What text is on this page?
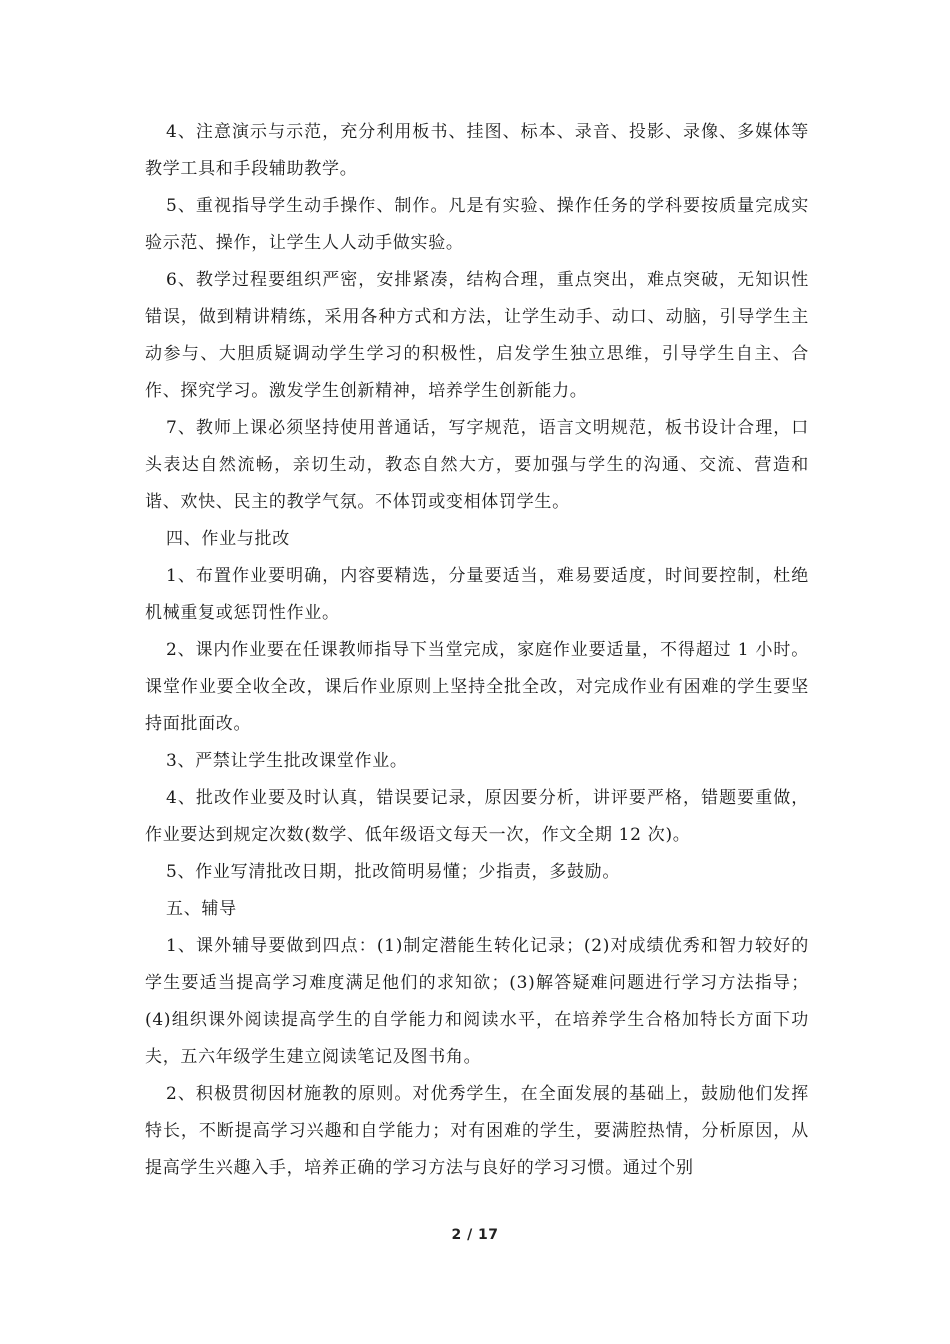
4、注意演示与示范，充分利用板书、挂图、标本、录音、投影、录像、多媒体等教学工具和手段辅助教学。

5、重视指导学生动手操作、制作。凡是有实验、操作任务的学科要按质量完成实验示范、操作，让学生人人动手做实验。

6、教学过程要组织严密，安排紧凑，结构合理，重点突出，难点突破，无知识性错误，做到精讲精练，采用各种方式和方法，让学生动手、动口、动脑，引导学生主动参与、大胆质疑调动学生学习的积极性，启发学生独立思维，引导学生自主、合作、探究学习。激发学生创新精神，培养学生创新能力。

7、教师上课必须坚持使用普通话，写字规范，语言文明规范，板书设计合理，口头表达自然流畅，亲切生动，教态自然大方，要加强与学生的沟通、交流、营造和谐、欢快、民主的教学气氛。不体罚或变相体罚学生。

四、作业与批改

1、布置作业要明确，内容要精选，分量要适当，难易要适度，时间要控制，杜绝机械重复或惩罚性作业。

2、课内作业要在任课教师指导下当堂完成，家庭作业要适量，不得超过 1 小时。课堂作业要全收全改，课后作业原则上坚持全批全改，对完成作业有困难的学生要坚持面批面改。

3、严禁让学生批改课堂作业。

4、批改作业要及时认真，错误要记录，原因要分析，讲评要严格，错题要重做，作业要达到规定次数(数学、低年级语文每天一次，作文全期 12 次)。

5、作业写清批改日期，批改简明易懂；少指责，多鼓励。

五、辅导

1、课外辅导要做到四点：(1)制定潜能生转化记录；(2)对成绩优秀和智力较好的学生要适当提高学习难度满足他们的求知欲；(3)解答疑难问题进行学习方法指导；(4)组织课外阅读提高学生的自学能力和阅读水平，在培养学生合格加特长方面下功夫，五六年级学生建立阅读笔记及图书角。

2、积极贯彻因材施教的原则。对优秀学生，在全面发展的基础上，鼓励他们发挥特长，不断提高学习兴趣和自学能力；对有困难的学生，要满腔热情，分析原因，从提高学生兴趣入手，培养正确的学习方法与良好的学习习惯。通过个别

2 / 17
